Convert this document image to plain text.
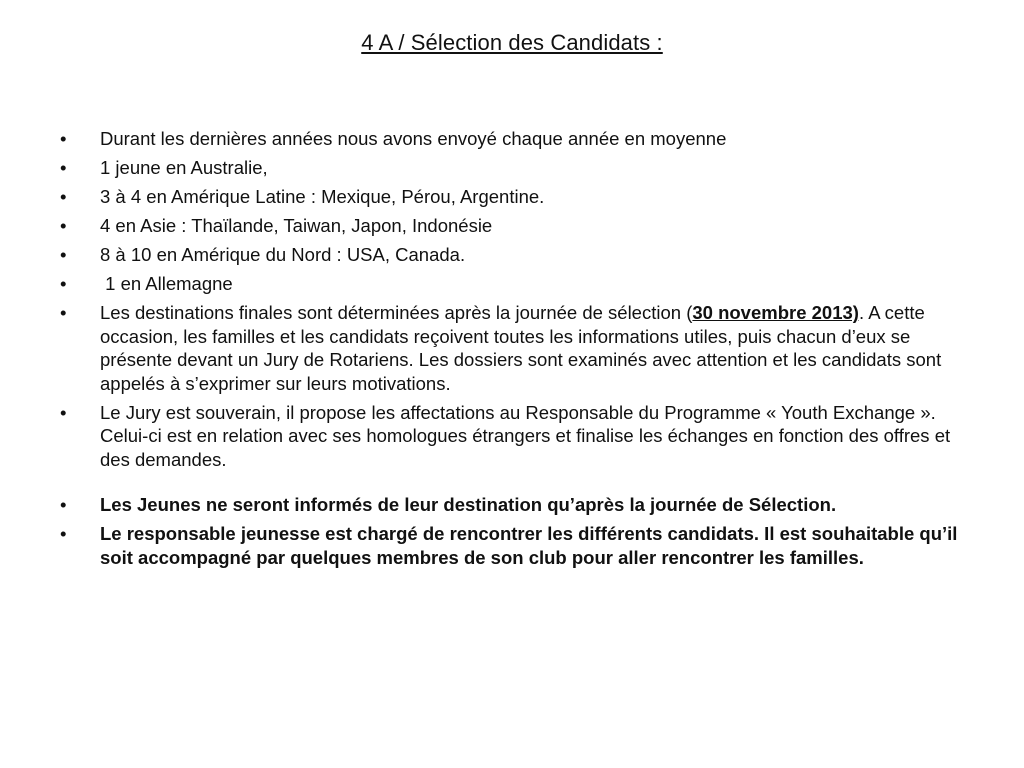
4 A / Sélection des Candidats :
• Durant les dernières années nous avons envoyé chaque année en moyenne
• 1 jeune en Australie,
• 3 à 4 en Amérique Latine : Mexique, Pérou, Argentine.
• 4 en Asie : Thaïlande, Taiwan, Japon, Indonésie
• 8 à 10 en Amérique du Nord : USA, Canada.
• 1 en Allemagne
• Les destinations finales sont déterminées après la journée de sélection (30 novembre 2013). A cette occasion, les familles et les candidats reçoivent toutes les informations utiles, puis chacun d’eux se présente devant un Jury de Rotariens. Les dossiers sont examinés avec attention et les candidats sont appelés à s’exprimer sur leurs motivations.
• Le Jury est souverain, il propose les affectations au Responsable du Programme « Youth Exchange ». Celui-ci est en relation avec ses homologues étrangers et finalise les échanges en fonction des offres et des demandes.
• Les Jeunes ne seront informés de leur destination qu’après la journée de Sélection.
• Le responsable jeunesse est chargé de rencontrer les différents candidats. Il est souhaitable qu’il soit accompagné par quelques membres de son club pour aller rencontrer les familles.
